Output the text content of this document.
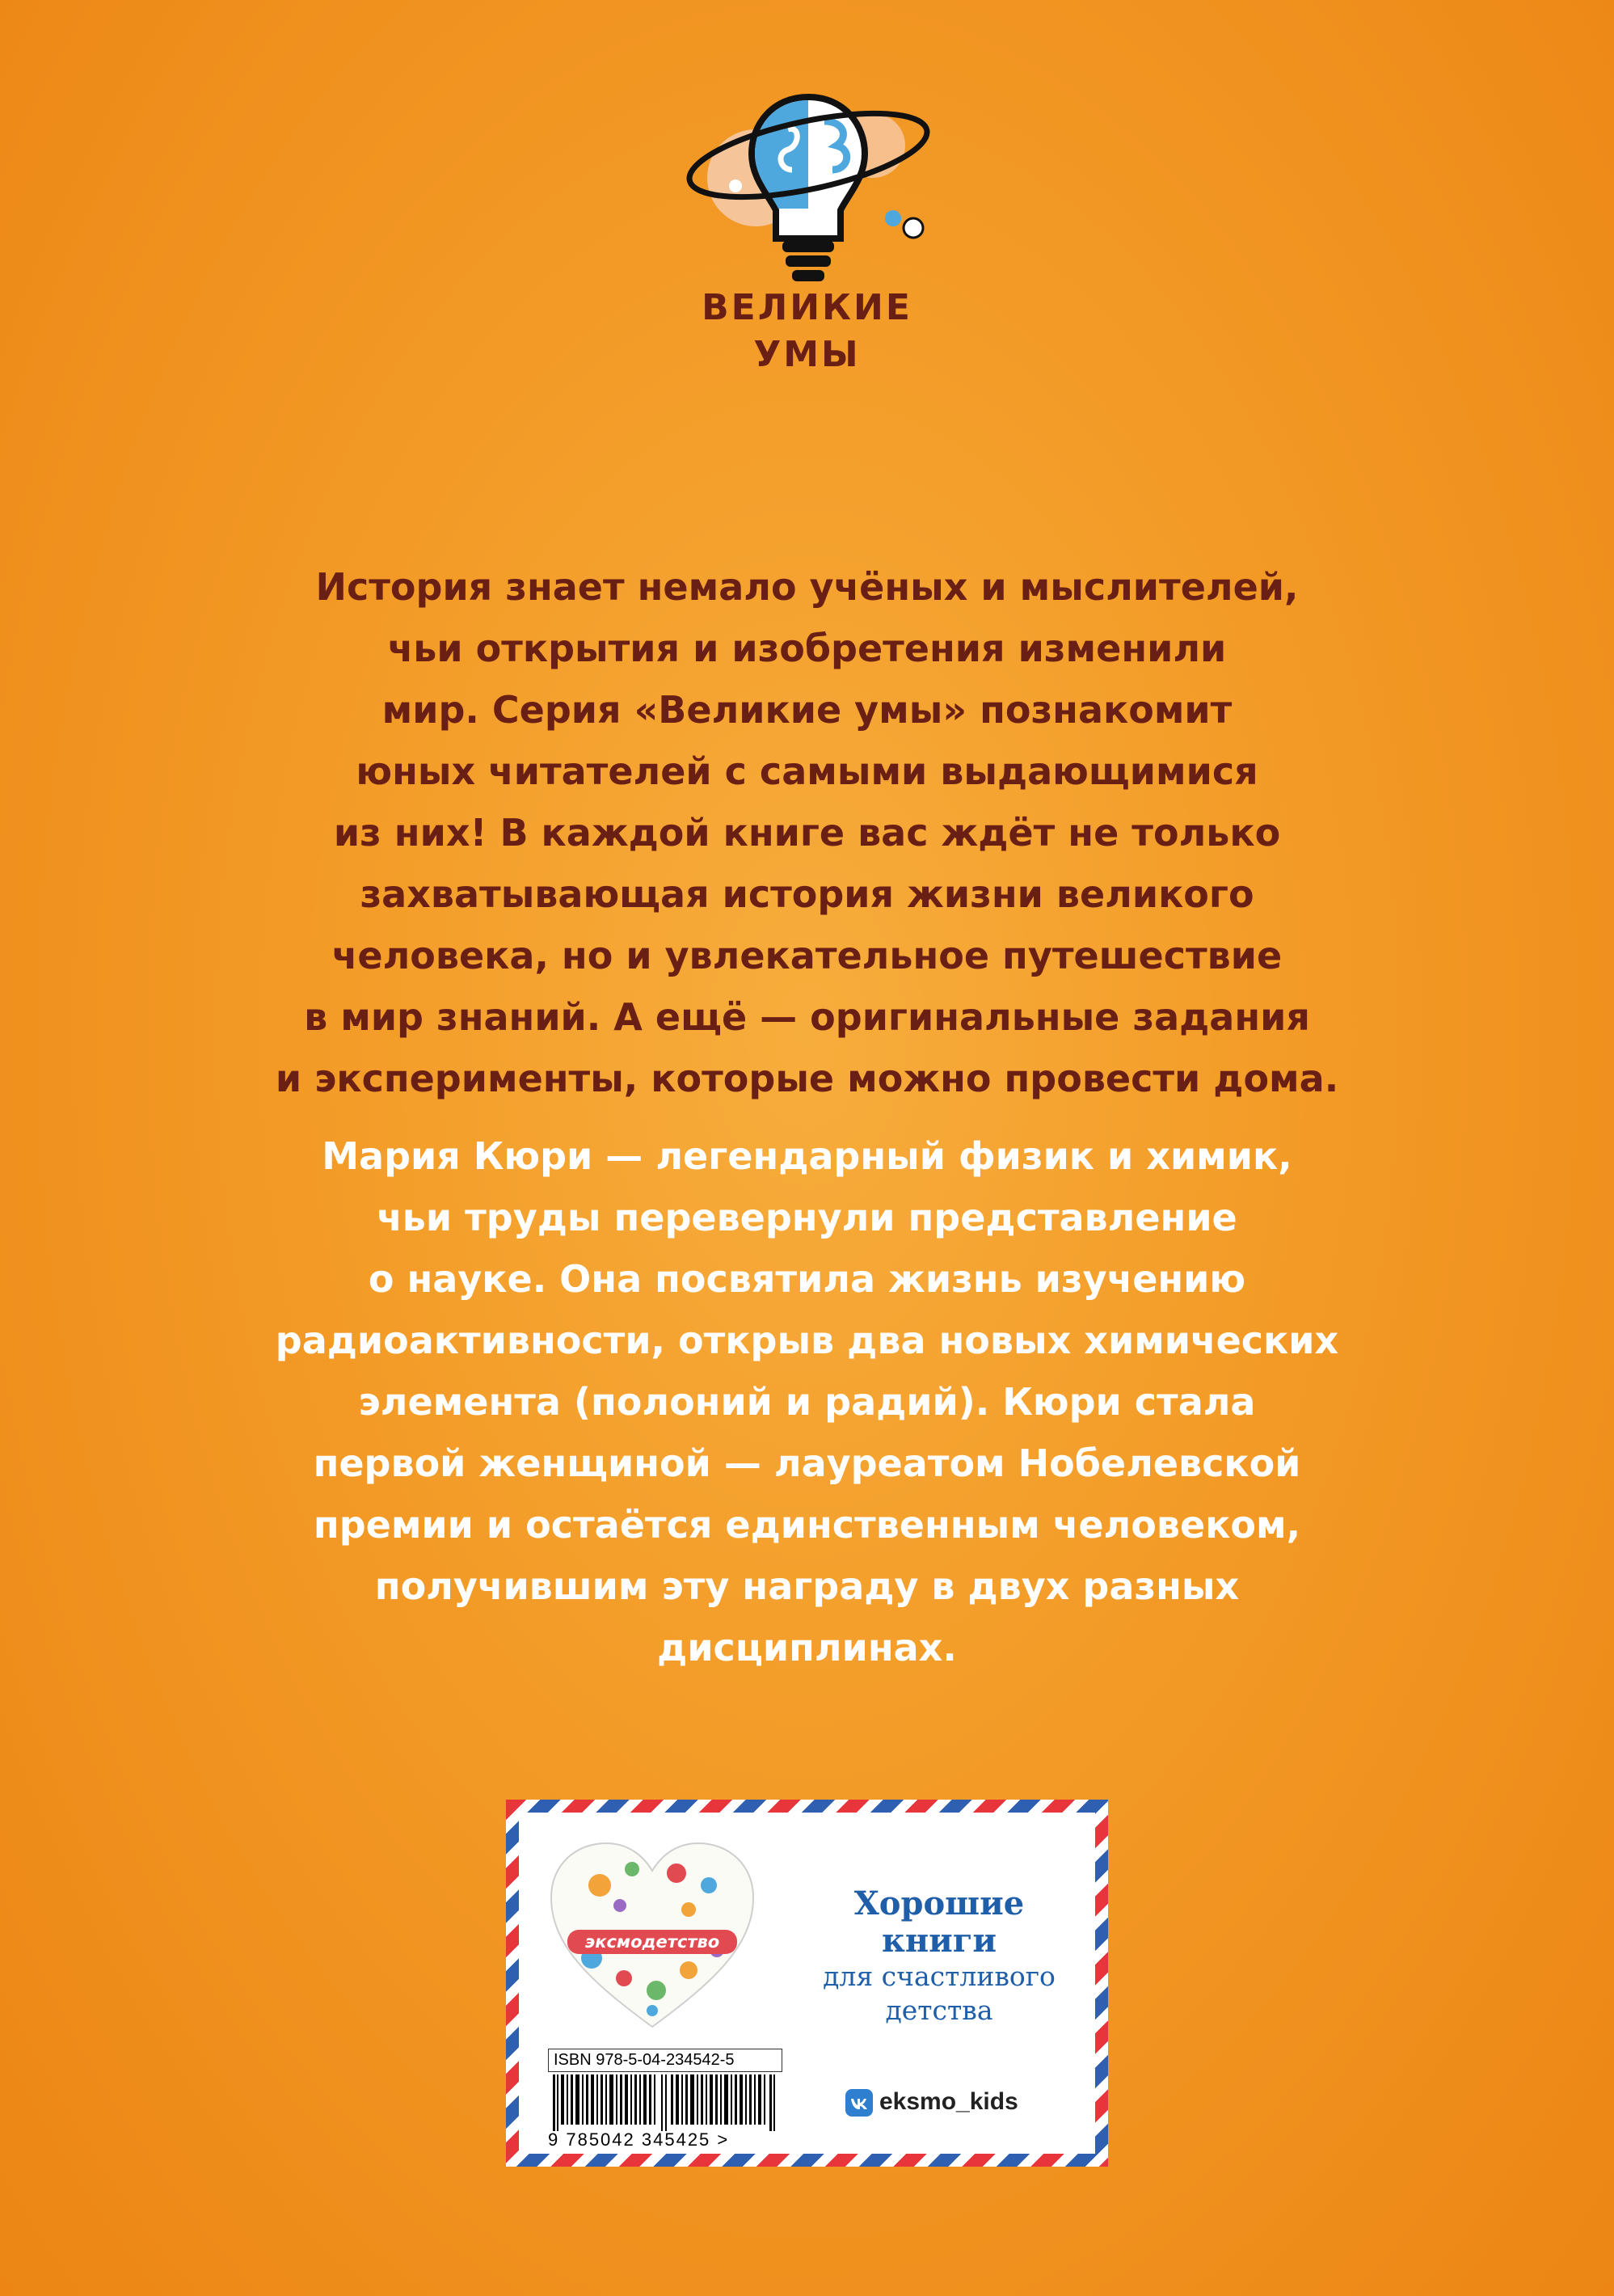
ВЕЛИКИЕ
УМЫ

История знает немало учёных и мыслителей,
чьи открытия и изобретения изменили
мир. Серия «Великие умы» познакомит
юных читателей с самыми выдающимися
из них! В каждой книге вас ждёт не только
захватывающая история жизни великого
человека, но и увлекательное путешествие
в мир знаний. А ещё — оригинальные задания
и эксперименты, которые можно провести дома.

Мария Кюри — легендарный физик и химик,
чьи труды перевернули представление
о науке. Она посвятила жизнь изучению
радиоактивности, открыв два новых химических
элемента (полоний и радий). Кюри стала
первой женщиной — лауреатом Нобелевской
премии и остаётся единственным человеком,
получившим эту награду в двух разных
дисциплинах.

эксмодетство
Хорошие
книги
для счастливого
детства
ISBN 978-5-04-234542-5
9 785042 345425 >
eksmo_kids
